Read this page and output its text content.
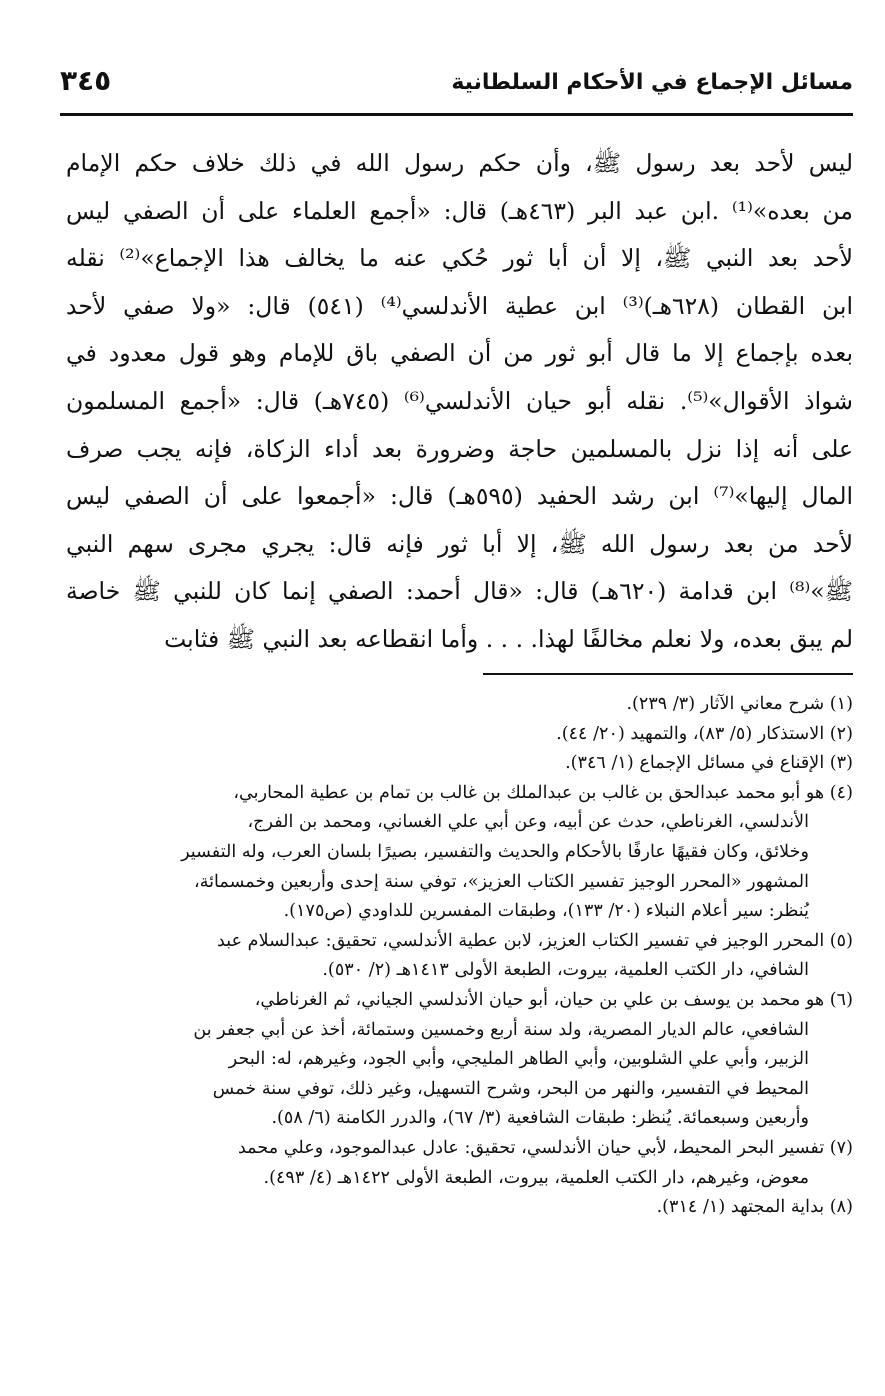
مسائل الإجماع في الأحكام السلطانية
٣٤٥
ليس لأحد بعد رسول ﷺ، وأن حكم رسول الله في ذلك خلاف حكم الإمام
من بعده»⁽¹⁾ .ابن عبد البر (٤٦٣هـ) قال: «أجمع العلماء على أن الصفي ليس
لأحد بعد النبي ﷺ، إلا أن أبا ثور حُكي عنه ما يخالف هذا الإجماع»⁽²⁾ نقله
ابن القطان (٦٢٨هـ)⁽³⁾ ابن عطية الأندلسي⁽⁴⁾ (٥٤١) قال: «ولا صفي لأحد
بعده بإجماع إلا ما قال أبو ثور من أن الصفي باق للإمام وهو قول معدود في
شواذ الأقوال»⁽⁵⁾. نقله أبو حيان الأندلسي⁽⁶⁾ (٧٤٥هـ) قال: «أجمع المسلمون
على أنه إذا نزل بالمسلمين حاجة وضرورة بعد أداء الزكاة، فإنه يجب صرف
المال إليها»⁽⁷⁾ ابن رشد الحفيد (٥٩٥هـ) قال: «أجمعوا على أن الصفي ليس
لأحد من بعد رسول الله ﷺ، إلا أبا ثور فإنه قال: يجري مجرى سهم النبي
ﷺ»⁽⁸⁾ ابن قدامة (٦٢٠هـ) قال: «قال أحمد: الصفي إنما كان للنبي ﷺ خاصة
لم يبق بعده، ولا نعلم مخالفًا لهذا. . . . وأما انقطاعه بعد النبي ﷺ فثابت
(١) شرح معاني الآثار (٣/ ٢٣٩).
(٢) الاستذكار (٥/ ٨٣)، والتمهيد (٢٠/ ٤٤).
(٣) الإقناع في مسائل الإجماع (١/ ٣٤٦).
(٤) هو أبو محمد عبدالحق بن غالب بن عبدالملك بن غالب بن تمام بن عطية المحاربي،
الأندلسي، الغرناطي، حدث عن أبيه، وعن أبي علي الغساني، ومحمد بن الفرج،
وخلائق، وكان فقيهًا عارفًا بالأحكام والحديث والتفسير، بصيرًا بلسان العرب، وله التفسير
المشهور «المحرر الوجيز تفسير الكتاب العزيز»، توفي سنة إحدى وأربعين وخمسمائة،
يُنظر: سير أعلام النبلاء (٢٠/ ١٣٣)، وطبقات المفسرين للداودي (ص١٧٥).
(٥) المحرر الوجيز في تفسير الكتاب العزيز، لابن عطية الأندلسي، تحقيق: عبدالسلام عبد
الشافي، دار الكتب العلمية، بيروت، الطبعة الأولى ١٤١٣هـ (٢/ ٥٣٠).
(٦) هو محمد بن يوسف بن علي بن حيان، أبو حيان الأندلسي الجياني، ثم الغرناطي،
الشافعي، عالم الديار المصرية، ولد سنة أربع وخمسين وستمائة، أخذ عن أبي جعفر بن
الزبير، وأبي علي الشلوبين، وأبي الطاهر المليجي، وأبي الجود، وغيرهم، له: البحر
المحيط في التفسير، والنهر من البحر، وشرح التسهيل، وغير ذلك، توفي سنة خمس
وأربعين وسبعمائة. يُنظر: طبقات الشافعية (٣/ ٦٧)، والدرر الكامنة (٦/ ٥٨).
(٧) تفسير البحر المحيط، لأبي حيان الأندلسي، تحقيق: عادل عبدالموجود، وعلي محمد
معوض، وغيرهم، دار الكتب العلمية، بيروت، الطبعة الأولى ١٤٢٢هـ (٤/ ٤٩٣).
(٨) بداية المجتهد (١/ ٣١٤).
